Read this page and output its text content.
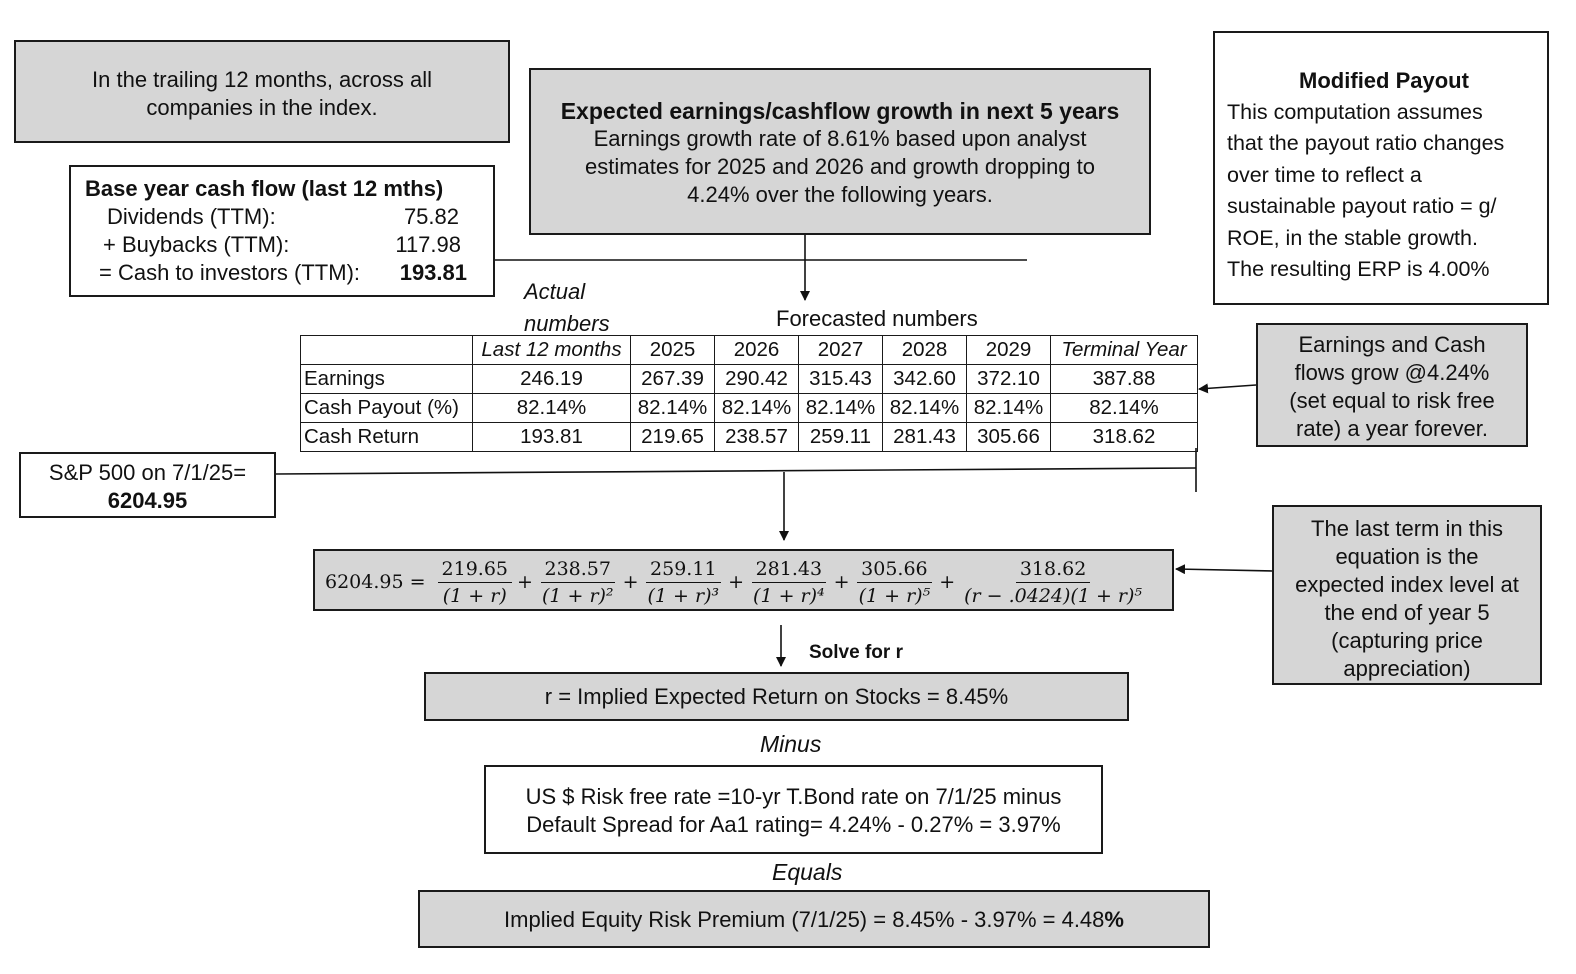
In the trailing 12 months, across all
companies in the index.
Base year cash flow (last 12 mths)
Dividends (TTM):	75.82
+ Buybacks (TTM):	117.98
= Cash to investors (TTM): 193.81
Expected earnings/cashflow growth in next 5 years
Earnings growth rate of 8.61% based upon analyst
estimates for 2025 and 2026 and growth dropping to
4.24% over the following years.
Modified Payout
This computation assumes
that the payout ratio changes
over time to reflect a
sustainable payout ratio = g/
ROE, in the stable growth.
The resulting ERP is 4.00%
Actual
numbers	Forecasted numbers
	Last 12 months	2025	2026	2027	2028	2029	Terminal Year
Earnings	246.19	267.39	290.42	315.43	342.60	372.10	387.88
Cash Payout (%)	82.14%	82.14%	82.14%	82.14%	82.14%	82.14%	82.14%
Cash Return	193.81	219.65	238.57	259.11	281.43	305.66	318.62
Earnings and Cash
flows grow @4.24%
(set equal to risk free
rate) a year forever.
S&P 500 on 7/1/25=
6204.95
$6204.95 = \frac{219.65}{(1 + r)} + \frac{238.57}{\text{(1 + r)²}} + \frac{259.11}{\text{(1 + r)³}} + \frac{281.43}{\text{(1 + r)⁴}} + \frac{305.66}{\text{(1 + r)⁵}} + \frac{318.62}{\text{(r − .0424)(1 + r)⁵}}$
The last term in this
equation is the
expected index level at
the end of year 5
(capturing price
appreciation)
Solve for r
r = Implied Expected Return on Stocks = 8.45%
Minus
US $ Risk free rate =10-yr T.Bond rate on 7/1/25 minus
Default Spread for Aa1 rating= 4.24% - 0.27% = 3.97%
Equals
Implied Equity Risk Premium (7/1/25) = 8.45% - 3.97% = 4.48%
